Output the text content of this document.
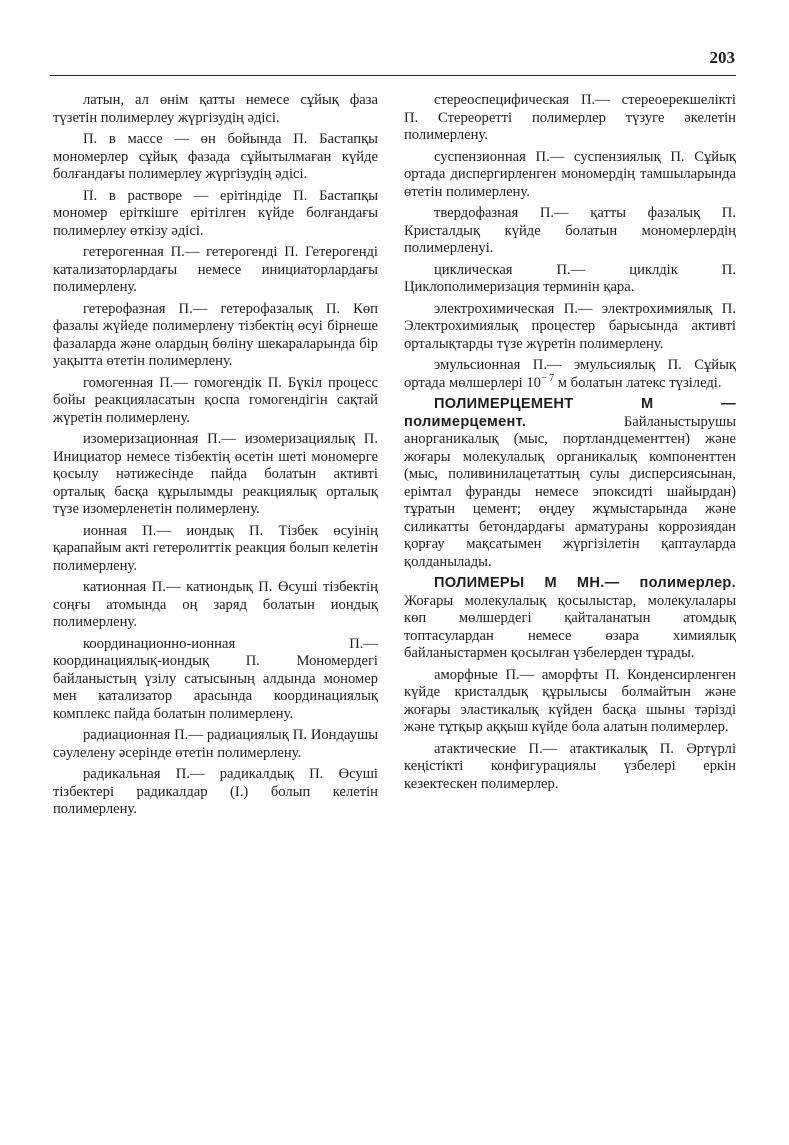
203

латын, ал өнім қатты немесе сұйық фаза түзетін полимерлеу жүргізудің әдісі.

П. в массе — өн бойында П. Бастапқы мономерлер сұйық фазада сұйытылмаған күйде болғандағы полимерлеу жүргізудің әдісі.

П. в растворе — ерітіндіде П. Бастапқы мономер еріткішге ерітілген күйде болғандағы полимерлеу өткізу әдісі.

гетерогенная П.— гетерогенді П. Гетерогенді катализаторлардағы немесе инициаторлардағы полимерлену.

гетерофазная П.— гетерофазалық П. Көп фазалы жүйеде полимерлену тізбектің өсуі бірнеше фазаларда және олардың бөліну шекараларында бір уақытта өтетін полимерлену.

гомогенная П.— гомогендік П. Бүкіл процесс бойы реакцияласатын қоспа гомогендігін сақтай жүретін полимерлену.

изомеризационная П.— изомеризациялық П. Инициатор немесе тізбектің өсетін шеті мономерге қосылу нәтижесінде пайда болатын активті орталық басқа құрылымды реакциялық орталық түзе изомерленетін полимерлену.

ионная П.— иондық П. Тізбек өсуінің қарапайым акті гетеролиттік реакция болып келетін полимерлену.

катионная П.— катиондық П. Өсуші тізбектің соңғы атомында оң заряд болатын иондық полимерлену.

координационно-ионная П.— координациялық-иондық П. Мономердегі байланыстың үзілу сатысының алдында мономер мен катализатор арасында координациялық комплекс пайда болатын полимерлену.

радиационная П.— радиациялық П. Иондаушы сәулелену әсерінде өтетін полимерлену.

радикальная П.— радикалдық П. Өсуші тізбектері радикалдар (I.) болып келетін полимерлену.

стереоспецифическая П.— стереоерекшелікті П. Стереоретті полимерлер түзуге әкелетін полимерлену.

суспензионная П.— суспензиялық П. Сұйық ортада диспергирленген мономердің тамшыларында өтетін полимерлену.

твердофазная П.— қатты фазалық П. Кристалдық күйде болатын мономерлердің полимерленуі.

циклическая П.— циклдік П. Циклополимеризация терминін қара.

электрохимическая П.— электрохимиялық П. Электрохимиялық процестер барысында активті орталықтарды түзе жүретін полимерлену.

эмульсионная П.— эмульсиялық П. Сұйық ортада мөлшерлері $10^{- 7}$ м болатын латекс түзіледі.

ПОЛИМЕРЦЕМЕНТ М — полимерцемент. Байланыстырушы анорганикалық (мыс, портландцементтен) және жоғары молекулалық органикалық компоненттен (мыс, поливинилацетаттың сулы дисперсиясынан, ерімтал фуранды немесе эпоксидті шайырдан) тұратын цемент; өңдеу жұмыстарында және силикатты бетондардағы арматураны коррозиядан қорғау мақсатымен жүргізілетін қаптауларда қолданылады.

ПОЛИМЕРЫ М МН.— полимерлер. Жоғары молекулалық қосылыстар, молекулалары көп мөлшердегі қайталанатын атомдық топтасулардан немесе өзара химиялық байланыстармен қосылған үзбелерден тұрады.

аморфные П.— аморфты П. Конденсирленген күйде кристалдық құрылысы болмайтын және жоғары эластикалық күйден басқа шыны тәрізді және тұтқыр аққыш күйде бола алатын полимерлер.

атактические П.— атактикалық П. Әртүрлі кеңістікті конфигурациялы үзбелері еркін кезектескен полимерлер.
